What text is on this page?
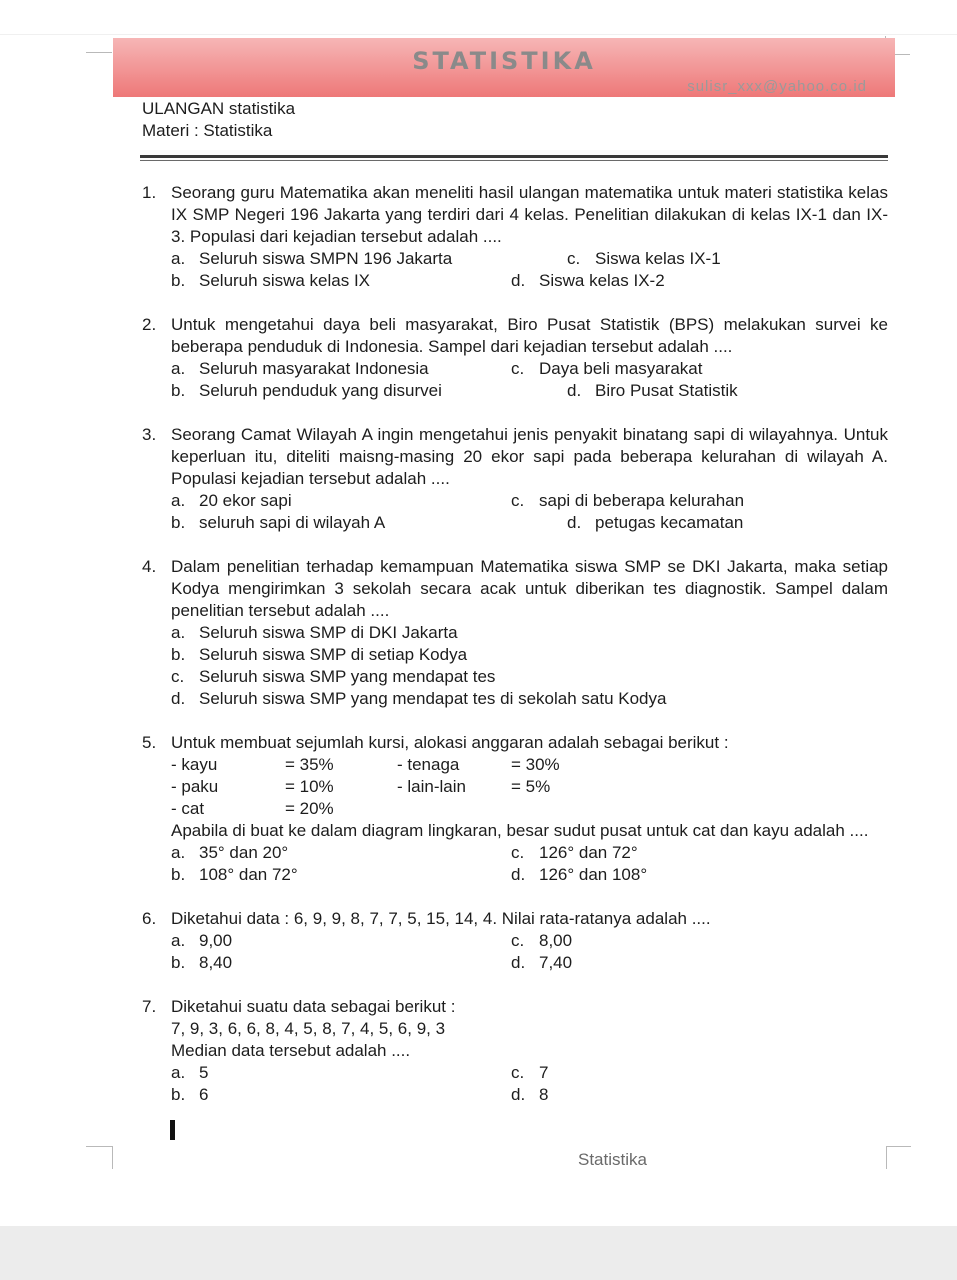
STATISTIKA
sulisr_xxx@yahoo.co.id
ULANGAN statistika
Materi : Statistika
1. Seorang guru Matematika akan meneliti hasil ulangan matematika untuk materi statistika kelas IX SMP Negeri 196 Jakarta yang terdiri dari 4 kelas. Penelitian dilakukan di kelas IX-1 dan IX-3. Populasi dari kejadian tersebut adalah ....
a. Seluruh siswa SMPN 196 Jakarta	c. Siswa kelas IX-1
b. Seluruh siswa kelas IX	d. Siswa kelas IX-2
2. Untuk mengetahui daya beli masyarakat, Biro Pusat Statistik (BPS) melakukan survei ke beberapa penduduk di Indonesia. Sampel dari kejadian tersebut adalah ....
a. Seluruh masyarakat Indonesia	c. Daya beli masyarakat
b. Seluruh penduduk yang disurvei	d. Biro Pusat Statistik
3. Seorang Camat Wilayah A ingin mengetahui jenis penyakit binatang sapi di wilayahnya. Untuk keperluan itu, diteliti maisng-masing 20 ekor sapi pada beberapa kelurahan di wilayah A. Populasi kejadian tersebut adalah ....
a. 20 ekor sapi	c. sapi di beberapa kelurahan
b. seluruh sapi di wilayah A	d. petugas kecamatan
4. Dalam penelitian terhadap kemampuan Matematika siswa SMP se DKI Jakarta, maka setiap Kodya mengirimkan 3 sekolah secara acak untuk diberikan tes diagnostik. Sampel dalam penelitian tersebut adalah ....
a. Seluruh siswa SMP di DKI Jakarta
b. Seluruh siswa SMP di setiap Kodya
c. Seluruh siswa SMP yang mendapat tes
d. Seluruh siswa SMP yang mendapat tes di sekolah satu Kodya
5. Untuk membuat sejumlah kursi, alokasi anggaran adalah sebagai berikut :
- kayu	= 35%	- tenaga	= 30%
- paku	= 10%	- lain-lain	= 5%
- cat	= 20%
Apabila di buat ke dalam diagram lingkaran, besar sudut pusat untuk cat dan kayu adalah ....
a. 35° dan 20°	c. 126° dan 72°
b. 108° dan 72°	d. 126° dan 108°
6. Diketahui data : 6, 9, 9, 8, 7, 7, 5, 15, 14, 4. Nilai rata-ratanya adalah ....
a. 9,00	c. 8,00
b. 8,40	d. 7,40
7. Diketahui suatu data sebagai berikut :
7, 9, 3, 6, 6, 8, 4, 5, 8, 7, 4, 5, 6, 9, 3
Median data tersebut adalah ....
a. 5	c. 7
b. 6	d. 8
Statistika
